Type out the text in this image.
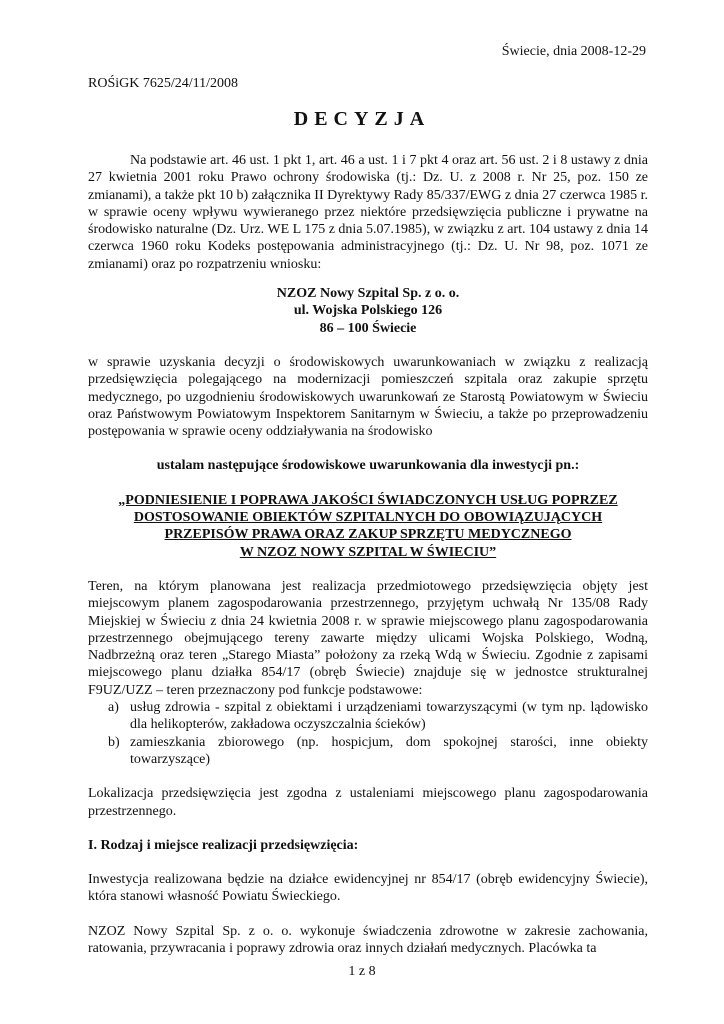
Świecie, dnia 2008-12-29
ROŚiGK 7625/24/11/2008
DECYZJA

Na podstawie art. 46 ust. 1 pkt 1, art. 46 a ust. 1 i 7 pkt 4 oraz art. 56 ust. 2 i 8 ustawy z dnia 27 kwietnia 2001 roku Prawo ochrony środowiska (tj.: Dz. U. z 2008 r. Nr 25, poz. 150 ze zmianami), a także pkt 10 b) załącznika II Dyrektywy Rady 85/337/EWG z dnia 27 czerwca 1985 r. w sprawie oceny wpływu wywieranego przez niektóre przedsięwzięcia publiczne i prywatne na środowisko naturalne (Dz. Urz. WE L 175 z dnia 5.07.1985), w związku z art. 104 ustawy z dnia 14 czerwca 1960 roku Kodeks postępowania administracyjnego (tj.: Dz. U. Nr 98, poz. 1071 ze zmianami) oraz po rozpatrzeniu wniosku:

NZOZ Nowy Szpital Sp. z o. o.
ul. Wojska Polskiego 126
86 – 100 Świecie

w sprawie uzyskania decyzji o środowiskowych uwarunkowaniach w związku z realizacją przedsięwzięcia polegającego na modernizacji pomieszczeń szpitala oraz zakupie sprzętu medycznego, po uzgodnieniu środowiskowych uwarunkowań ze Starostą Powiatowym w Świeciu oraz Państwowym Powiatowym Inspektorem Sanitarnym w Świeciu, a także po przeprowadzeniu postępowania w sprawie oceny oddziaływania na środowisko

ustalam następujące środowiskowe uwarunkowania dla inwestycji pn.:

„PODNIESIENIE I POPRAWA JAKOŚCI ŚWIADCZONYCH USŁUG POPRZEZ
DOSTOSOWANIE OBIEKTÓW SZPITALNYCH DO OBOWIĄZUJĄCYCH
PRZEPISÓW PRAWA ORAZ ZAKUP SPRZĘTU MEDYCZNEGO
W NZOZ NOWY SZPITAL W ŚWIECIU”

Teren, na którym planowana jest realizacja przedmiotowego przedsięwzięcia objęty jest miejscowym planem zagospodarowania przestrzennego, przyjętym uchwałą Nr 135/08 Rady Miejskiej w Świeciu z dnia 24 kwietnia 2008 r. w sprawie miejscowego planu zagospodarowania przestrzennego obejmującego tereny zawarte między ulicami Wojska Polskiego, Wodną, Nadbrzeżną oraz teren „Starego Miasta” położony za rzeką Wdą w Świeciu. Zgodnie z zapisami miejscowego planu działka 854/17 (obręb Świecie) znajduje się w jednostce strukturalnej F9UZ/UZZ – teren przeznaczony pod funkcje podstawowe:

a) usług zdrowia - szpital z obiektami i urządzeniami towarzyszącymi (w tym np. lądowisko dla helikopterów, zakładowa oczyszczalnia ścieków)
b) zamieszkania zbiorowego (np. hospicjum, dom spokojnej starości, inne obiekty towarzyszące)

Lokalizacja przedsięwzięcia jest zgodna z ustaleniami miejscowego planu zagospodarowania przestrzennego.

I. Rodzaj i miejsce realizacji przedsięwzięcia:

Inwestycja realizowana będzie na działce ewidencyjnej nr 854/17 (obręb ewidencyjny Świecie), która stanowi własność Powiatu Świeckiego.

NZOZ Nowy Szpital Sp. z o. o. wykonuje świadczenia zdrowotne w zakresie zachowania, ratowania, przywracania i poprawy zdrowia oraz innych działań medycznych. Placówka ta

1 z 8
